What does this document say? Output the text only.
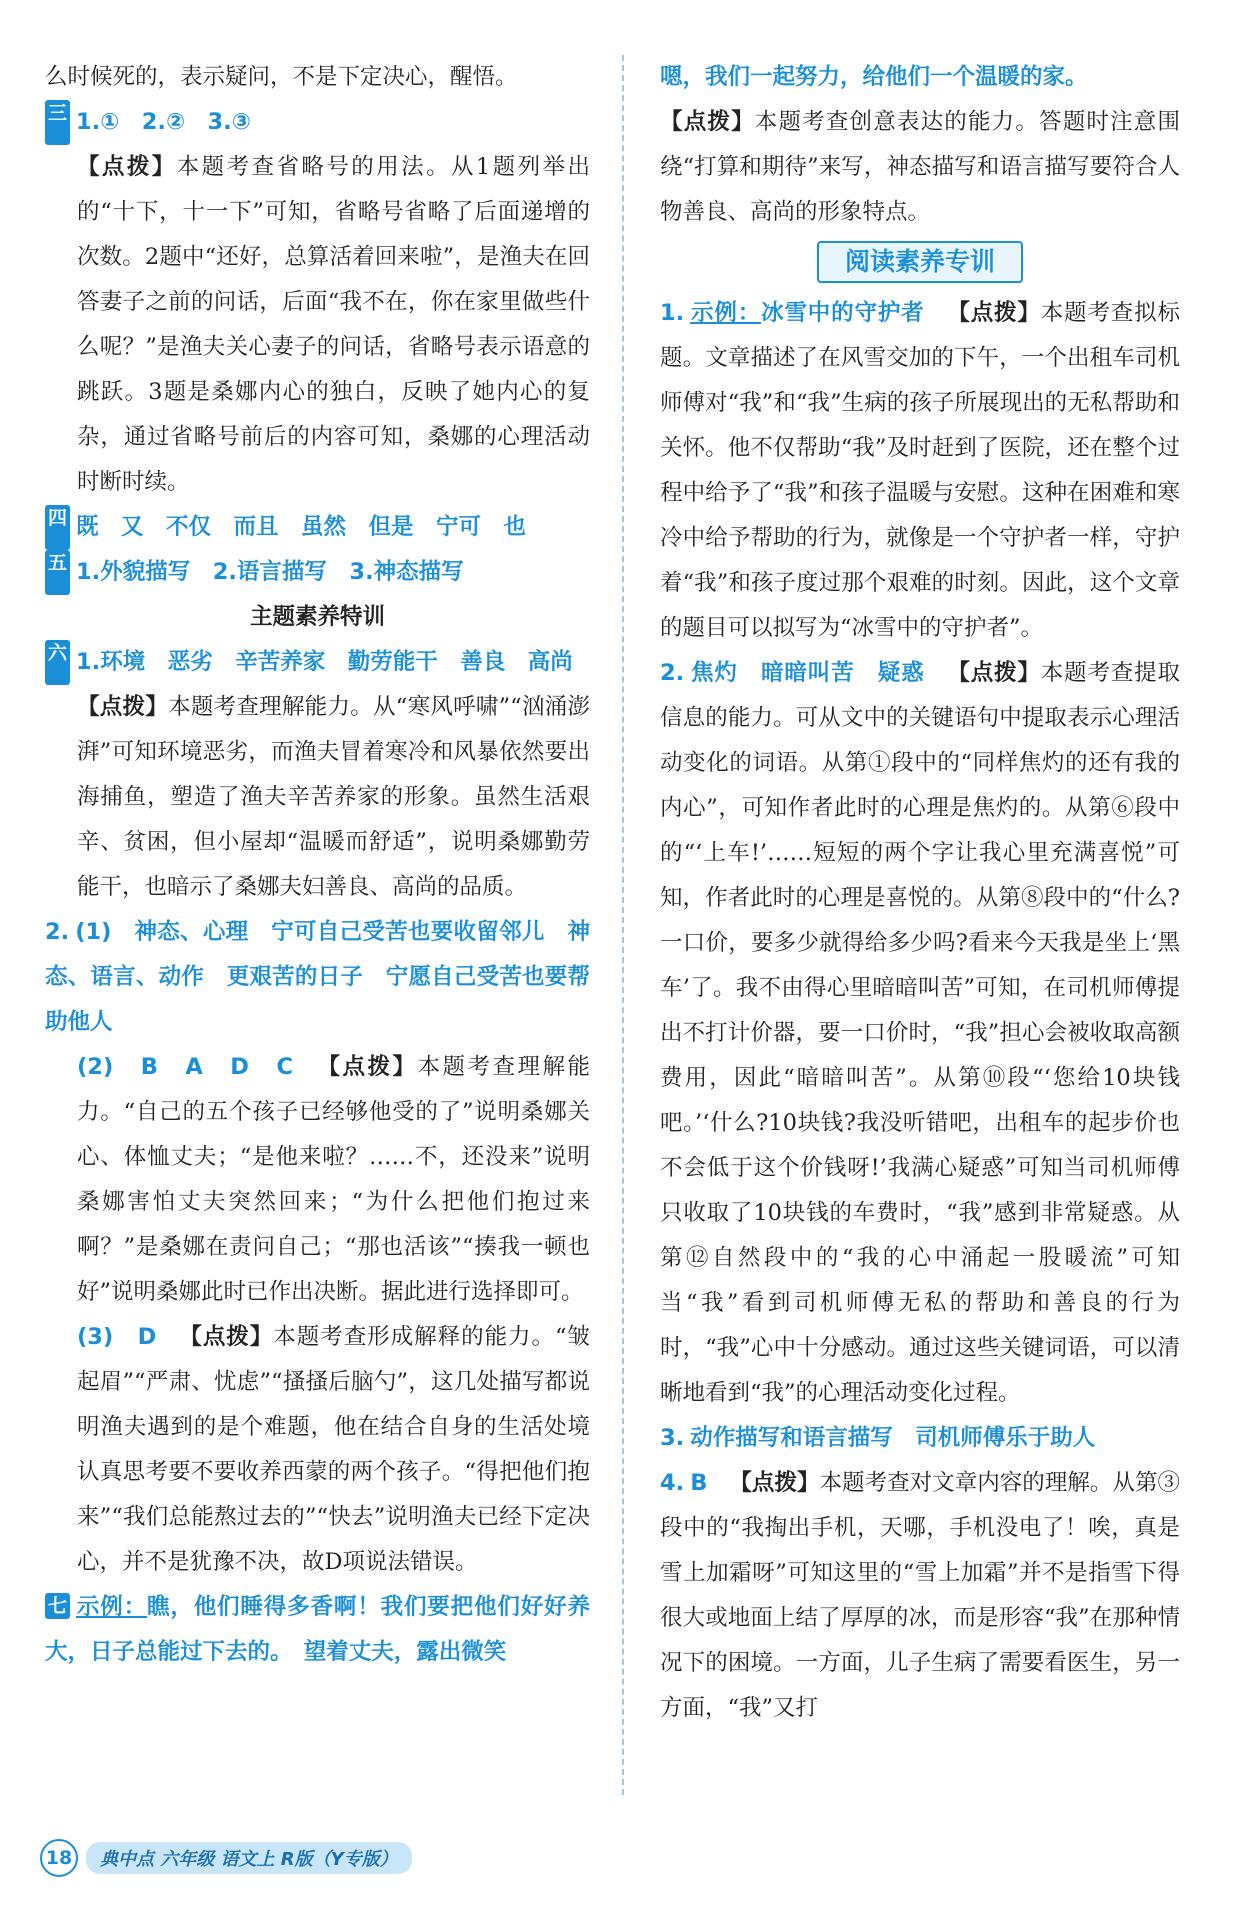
么时候死的，表示疑问，不是下定决心，醒悟。

三 1.①　2.②　3.③

【点拨】本题考查省略号的用法。从1题列举出的“十下，十一下”可知，省略号省略了后面递增的次数。2题中“还好，总算活着回来啦”，是渔夫在回答妻子之前的问话，后面“我不在，你在家里做些什么呢？”是渔夫关心妻子的问话，省略号表示语意的跳跃。3题是桑娜内心的独白，反映了她内心的复杂，通过省略号前后的内容可知，桑娜的心理活动时断时续。

四 既　又　不仅　而且　虽然　但是　宁可　也
五 1.外貌描写　2.语言描写　3.神态描写
主题素养特训
六 1.环境　恶劣　辛苦养家　勤劳能干　善良　高尚

【点拨】本题考查理解能力。从“寒风呼啸”“汹涌澎湃”可知环境恶劣，而渔夫冒着寒冷和风暴依然要出海捕鱼，塑造了渔夫辛苦养家的形象。虽然生活艰辛、贫困，但小屋却“温暖而舒适”，说明桑娜勤劳能干，也暗示了桑娜夫妇善良、高尚的品质。

2. (1)　神态、心理　宁可自己受苦也要收留邻儿　神态、语言、动作　更艰苦的日子　宁愿自己受苦也要帮助他人

(2)　B　A　D　C 【点拨】本题考查理解能力。“自己的五个孩子已经够他受的了”说明桑娜关心、体恤丈夫；“是他来啦？……不，还没来”说明桑娜害怕丈夫突然回来；“为什么把他们抱过来啊？”是桑娜在责问自己；“那也活该”“揍我一顿也好”说明桑娜此时已作出决断。据此进行选择即可。

(3)　D 【点拨】本题考查形成解释的能力。“皱起眉”“严肃、忧虑”“搔搔后脑勺”，这几处描写都说明渔夫遇到的是个难题，他在结合自身的生活处境认真思考要不要收养西蒙的两个孩子。“得把他们抱来”“我们总能熬过去的”“快去”说明渔夫已经下定决心，并不是犹豫不决，故D项说法错误。

七 示例：瞧，他们睡得多香啊！我们要把他们好好养大，日子总能过下去的。　望着丈夫，露出微笑

嗯，我们一起努力，给他们一个温暖的家。

【点拨】本题考查创意表达的能力。答题时注意围绕“打算和期待”来写，神态描写和语言描写要符合人物善良、高尚的形象特点。

阅读素养专训

1. 示例：冰雪中的守护者 【点拨】本题考查拟标题。文章描述了在风雪交加的下午，一个出租车司机师傅对“我”和“我”生病的孩子所展现出的无私帮助和关怀。他不仅帮助“我”及时赶到了医院，还在整个过程中给予了“我”和孩子温暖与安慰。这种在困难和寒冷中给予帮助的行为，就像是一个守护者一样，守护着“我”和孩子度过那个艰难的时刻。因此，这个文章的题目可以拟写为“冰雪中的守护者”。

2. 焦灼　暗暗叫苦　疑惑 【点拨】本题考查提取信息的能力。可从文中的关键语句中提取表示心理活动变化的词语。从第①段中的“同样焦灼的还有我的内心”，可知作者此时的心理是焦灼的。从第⑥段中的“‘上车!’……短短的两个字让我心里充满喜悦”可知，作者此时的心理是喜悦的。从第⑧段中的“什么?一口价，要多少就得给多少吗?看来今天我是坐上‘黑车’了。我不由得心里暗暗叫苦”可知，在司机师傅提出不打计价器，要一口价时，“我”担心会被收取高额费用，因此“暗暗叫苦”。从第⑩段“‘您给10块钱吧。’‘什么?10块钱?我没听错吧，出租车的起步价也不会低于这个价钱呀!’我满心疑惑”可知当司机师傅只收取了10块钱的车费时，“我”感到非常疑惑。从第⑫自然段中的“我的心中涌起一股暖流”可知当“我”看到司机师傅无私的帮助和善良的行为时，“我”心中十分感动。通过这些关键词语，可以清晰地看到“我”的心理活动变化过程。

3. 动作描写和语言描写　司机师傅乐于助人

4. B 【点拨】本题考查对文章内容的理解。从第③段中的“我掏出手机，天哪，手机没电了！唉，真是雪上加霜呀”可知这里的“雪上加霜”并不是指雪下得很大或地面上结了厚厚的冰，而是形容“我”在那种情况下的困境。一方面，儿子生病了需要看医生，另一方面，“我”又打

18	典中点 六年级 语文上 R版（Y专版）
